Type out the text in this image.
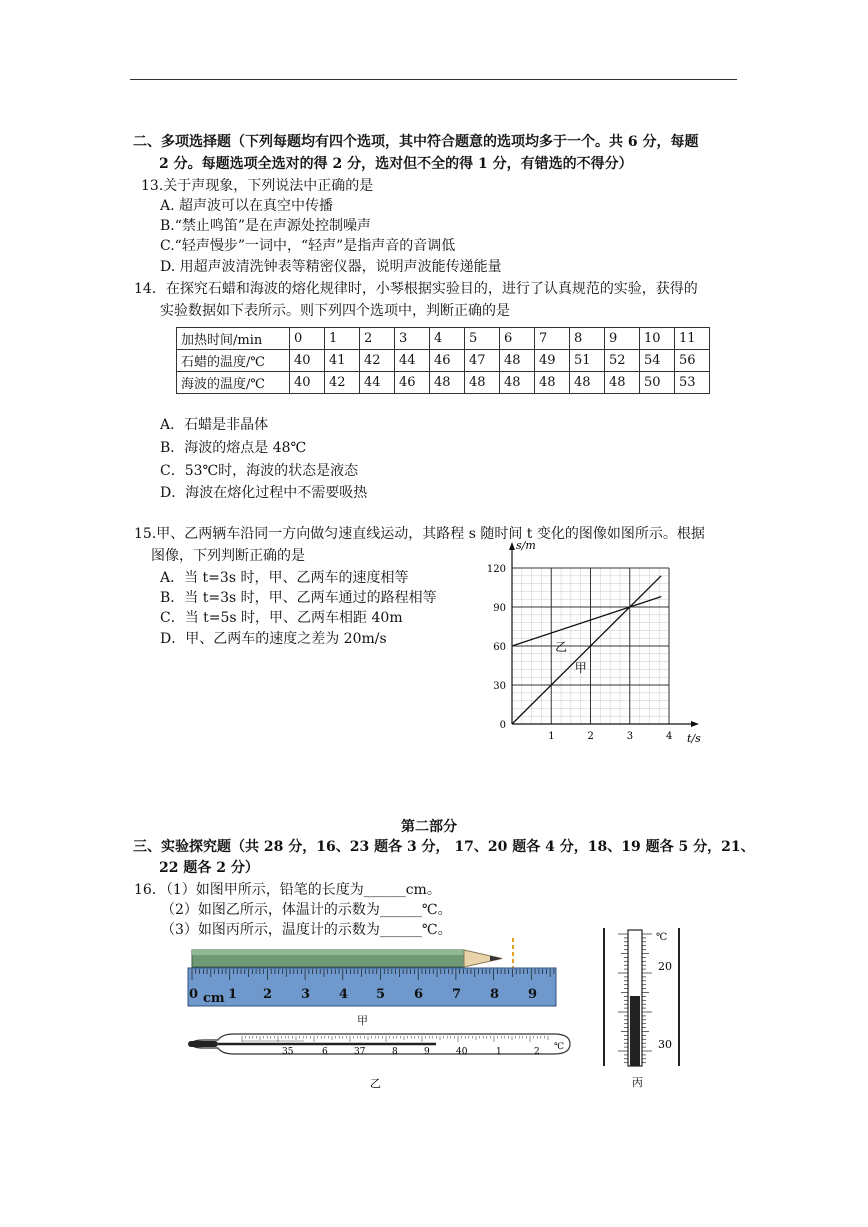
二、多项选择题（下列每题均有四个选项，其中符合题意的选项均多于一个。共 6 分，每题
2 分。每题选项全选对的得 2 分，选对但不全的得 1 分，有错选的不得分）
13.关于声现象，下列说法中正确的是
A. 超声波可以在真空中传播
B.“禁止鸣笛”是在声源处控制噪声
C.“轻声慢步”一词中，“轻声”是指声音的音调低
D. 用超声波清洗钟表等精密仪器，说明声波能传递能量
14．在探究石蜡和海波的熔化规律时，小琴根据实验目的，进行了认真规范的实验，获得的
实验数据如下表所示。则下列四个选项中，判断正确的是
加热时间/min	0	1	2	3	4	5	6	7	8	9	10	11
石蜡的温度/℃	40	41	42	44	46	47	48	49	51	52	54	56
海波的温度/℃	40	42	44	46	48	48	48	48	48	48	50	53
A．石蜡是非晶体
B．海波的熔点是 48℃
C．53℃时，海波的状态是液态
D．海波在熔化过程中不需要吸热
15.甲、乙两辆车沿同一方向做匀速直线运动，其路程 s 随时间 t 变化的图像如图所示。根据
图像，下列判断正确的是
A．当 t=3s 时，甲、乙两车的速度相等
B．当 t=3s 时，甲、乙两车通过的路程相等
C．当 t=5s 时，甲、乙两车相距 40m
D．甲、乙两车的速度之差为 20m/s
1	2	3	4
0
30
60
90
120
s/m
t/s
甲
乙
第二部分
三、实验探究题（共 28 分，16、23 题各 3 分， 17、20 题各 4 分，18、19 题各 5 分，21、
22 题各 2 分）
16．（1）如图甲所示，铅笔的长度为______cm。
（2）如图乙所示，体温计的示数为______℃。
（3）如图丙所示，温度计的示数为______℃。
0 cm 1 2 3 4 5 6 7 8 9
甲
35	6	37	8	9	40	1	2 ℃
乙
℃
20
30
丙
